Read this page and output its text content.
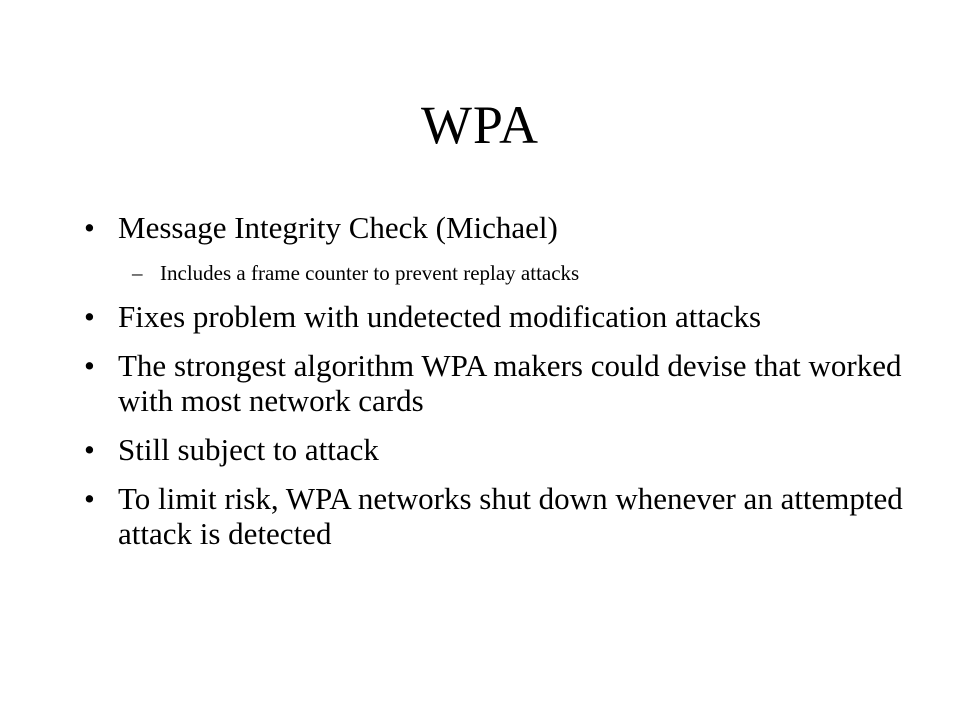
WPA
• Message Integrity Check (Michael)
– Includes a frame counter to prevent replay attacks
• Fixes problem with undetected modification attacks
• The strongest algorithm WPA makers could devise that worked with most network cards
• Still subject to attack
• To limit risk, WPA networks shut down whenever an attempted attack is detected
